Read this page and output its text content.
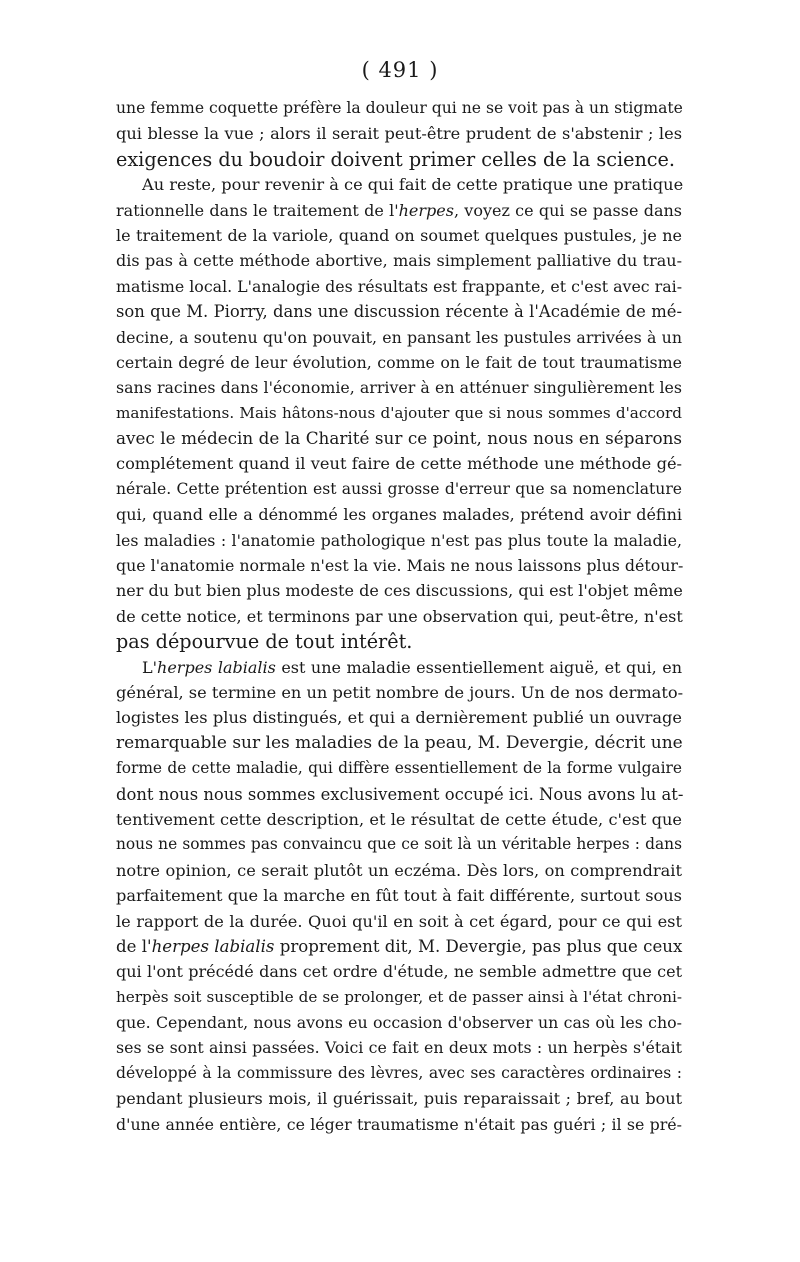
( 491 )
une femme coquette préfère la douleur qui ne se voit pas à un stigmate
qui blesse la vue ; alors il serait peut-être prudent de s'abstenir ; les
exigences du boudoir doivent primer celles de la science.
Au reste, pour revenir à ce qui fait de cette pratique une pratique
rationnelle dans le traitement de l'herpes, voyez ce qui se passe dans
le traitement de la variole, quand on soumet quelques pustules, je ne
dis pas à cette méthode abortive, mais simplement palliative du trau-
matisme local. L'analogie des résultats est frappante, et c'est avec rai-
son que M. Piorry, dans une discussion récente à l'Académie de mé-
decine, a soutenu qu'on pouvait, en pansant les pustules arrivées à un
certain degré de leur évolution, comme on le fait de tout traumatisme
sans racines dans l'économie, arriver à en atténuer singulièrement les
manifestations. Mais hâtons-nous d'ajouter que si nous sommes d'accord
avec le médecin de la Charité sur ce point, nous nous en séparons
complétement quand il veut faire de cette méthode une méthode gé-
nérale. Cette prétention est aussi grosse d'erreur que sa nomenclature
qui, quand elle a dénommé les organes malades, prétend avoir défini
les maladies : l'anatomie pathologique n'est pas plus toute la maladie,
que l'anatomie normale n'est la vie. Mais ne nous laissons plus détour-
ner du but bien plus modeste de ces discussions, qui est l'objet même
de cette notice, et terminons par une observation qui, peut-être, n'est
pas dépourvue de tout intérêt.
L'herpes labialis est une maladie essentiellement aiguë, et qui, en
général, se termine en un petit nombre de jours. Un de nos dermato-
logistes les plus distingués, et qui a dernièrement publié un ouvrage
remarquable sur les maladies de la peau, M. Devergie, décrit une
forme de cette maladie, qui diffère essentiellement de la forme vulgaire
dont nous nous sommes exclusivement occupé ici. Nous avons lu at-
tentivement cette description, et le résultat de cette étude, c'est que
nous ne sommes pas convaincu que ce soit là un véritable herpes : dans
notre opinion, ce serait plutôt un eczéma. Dès lors, on comprendrait
parfaitement que la marche en fût tout à fait différente, surtout sous
le rapport de la durée. Quoi qu'il en soit à cet égard, pour ce qui est
de l'herpes labialis proprement dit, M. Devergie, pas plus que ceux
qui l'ont précédé dans cet ordre d'étude, ne semble admettre que cet
herpès soit susceptible de se prolonger, et de passer ainsi à l'état chroni-
que. Cependant, nous avons eu occasion d'observer un cas où les cho-
ses se sont ainsi passées. Voici ce fait en deux mots : un herpès s'était
développé à la commissure des lèvres, avec ses caractères ordinaires :
pendant plusieurs mois, il guérissait, puis reparaissait ; bref, au bout
d'une année entière, ce léger traumatisme n'était pas guéri ; il se pré-
